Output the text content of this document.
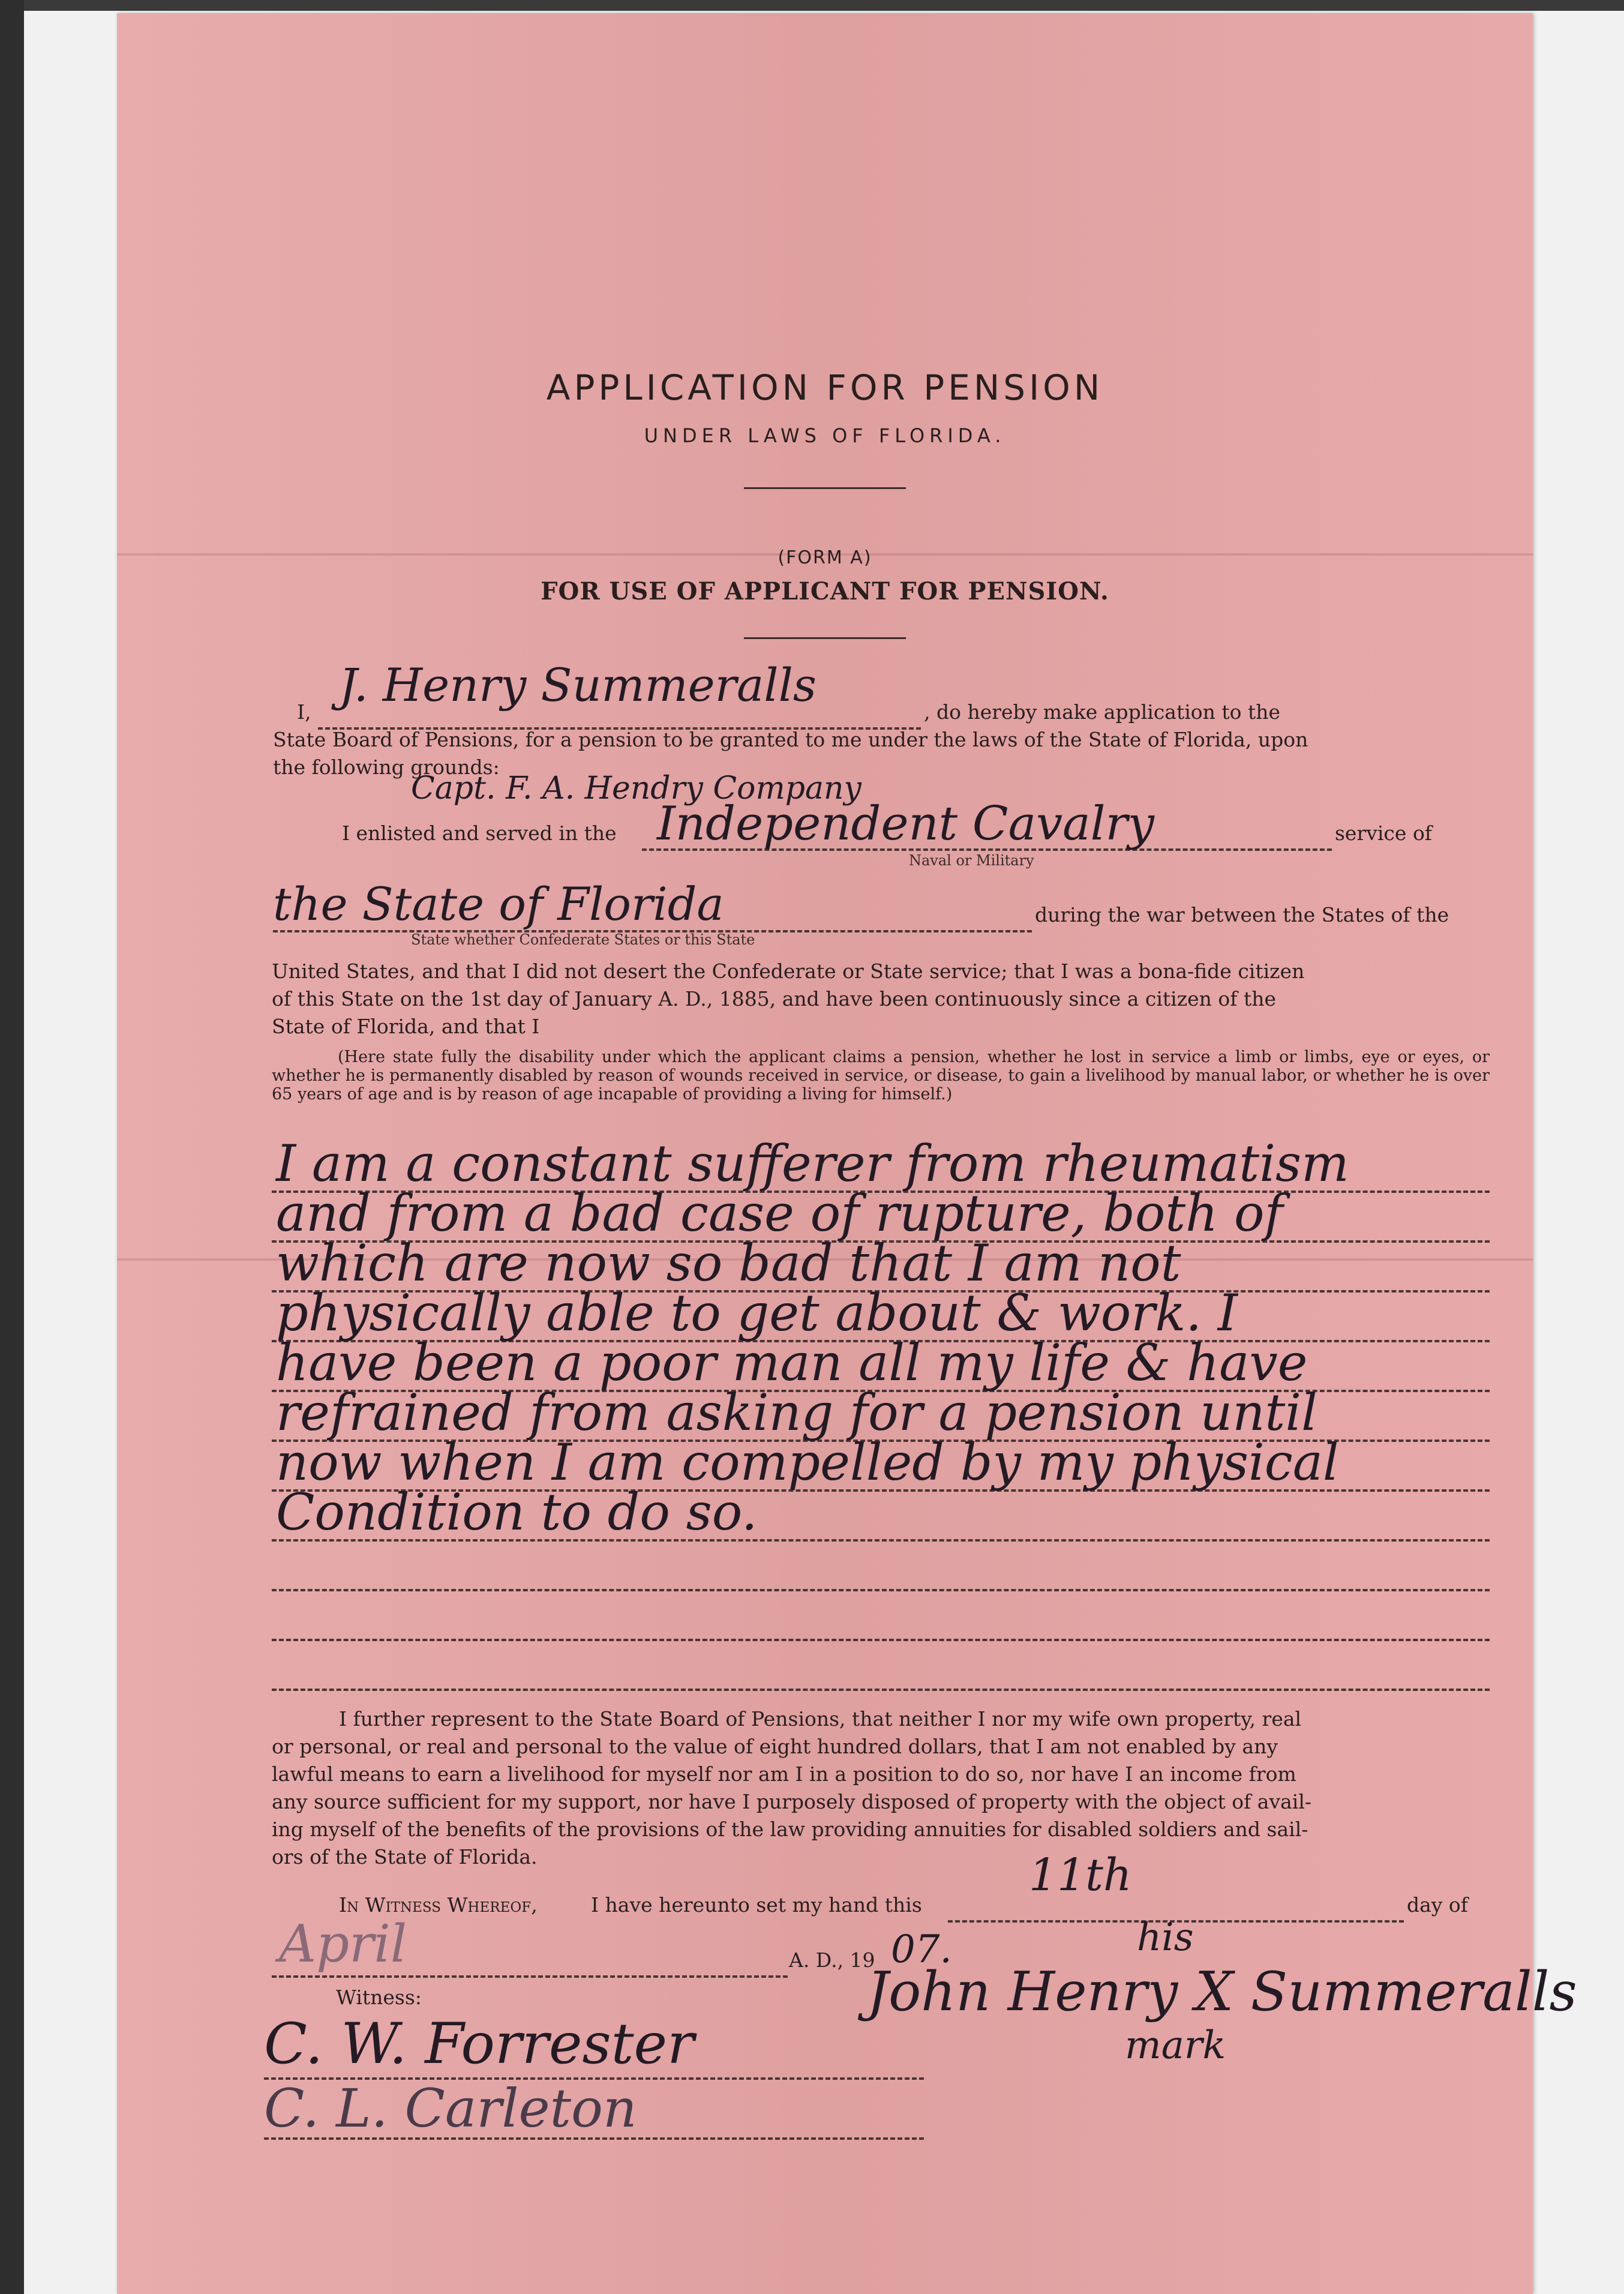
APPLICATION FOR PENSION
UNDER LAWS OF FLORIDA.
(FORM A)
FOR USE OF APPLICANT FOR PENSION.
I,
J. Henry Summeralls
, do hereby make application to the
State Board of Pensions, for a pension to be granted to me under the laws of the State of Florida, upon
the following grounds:
Capt. F. A. Hendry Company
I enlisted and served in the Independent Cavalry	service of
Naval or Military
the State of Florida	during the war between the States of the
State whether Confederate States or this State
United States, and that I did not desert the Confederate or State service; that I was a bona-fide citizen
of this State on the 1st day of January A. D., 1885, and have been continuously since a citizen of the
State of Florida, and that I
(Here state fully the disability under which the applicant claims a pension, whether he lost in service a limb or limbs, eye or eyes, or whether he is permanently disabled by reason of wounds received in service, or disease, to gain a livelihood by manual labor, or whether he is over 65 years of age and is by reason of age incapable of providing a living for himself.)
I am a constant sufferer from rheumatism
and from a bad case of rupture, both of
which are now so bad that I am not
physically able to get about & work. I
have been a poor man all my life & have
refrained from asking for a pension until
now when I am compelled by my physical
Condition to do so.
I further represent to the State Board of Pensions, that neither I nor my wife own property, real
or personal, or real and personal to the value of eight hundred dollars, that I am not enabled by any
lawful means to earn a livelihood for myself nor am I in a position to do so, nor have I an income from
any source sufficient for my support, nor have I purposely disposed of property with the object of avail-
ing myself of the benefits of the provisions of the law providing annuities for disabled soldiers and sail-
ors of the State of Florida.
In Witness Whereof,	I have hereunto set my hand this
11th
day of
April	A. D., 19 07.
Witness:
C. W. Forrester
C. L. Carleton
his
John Henry X Summeralls
mark
